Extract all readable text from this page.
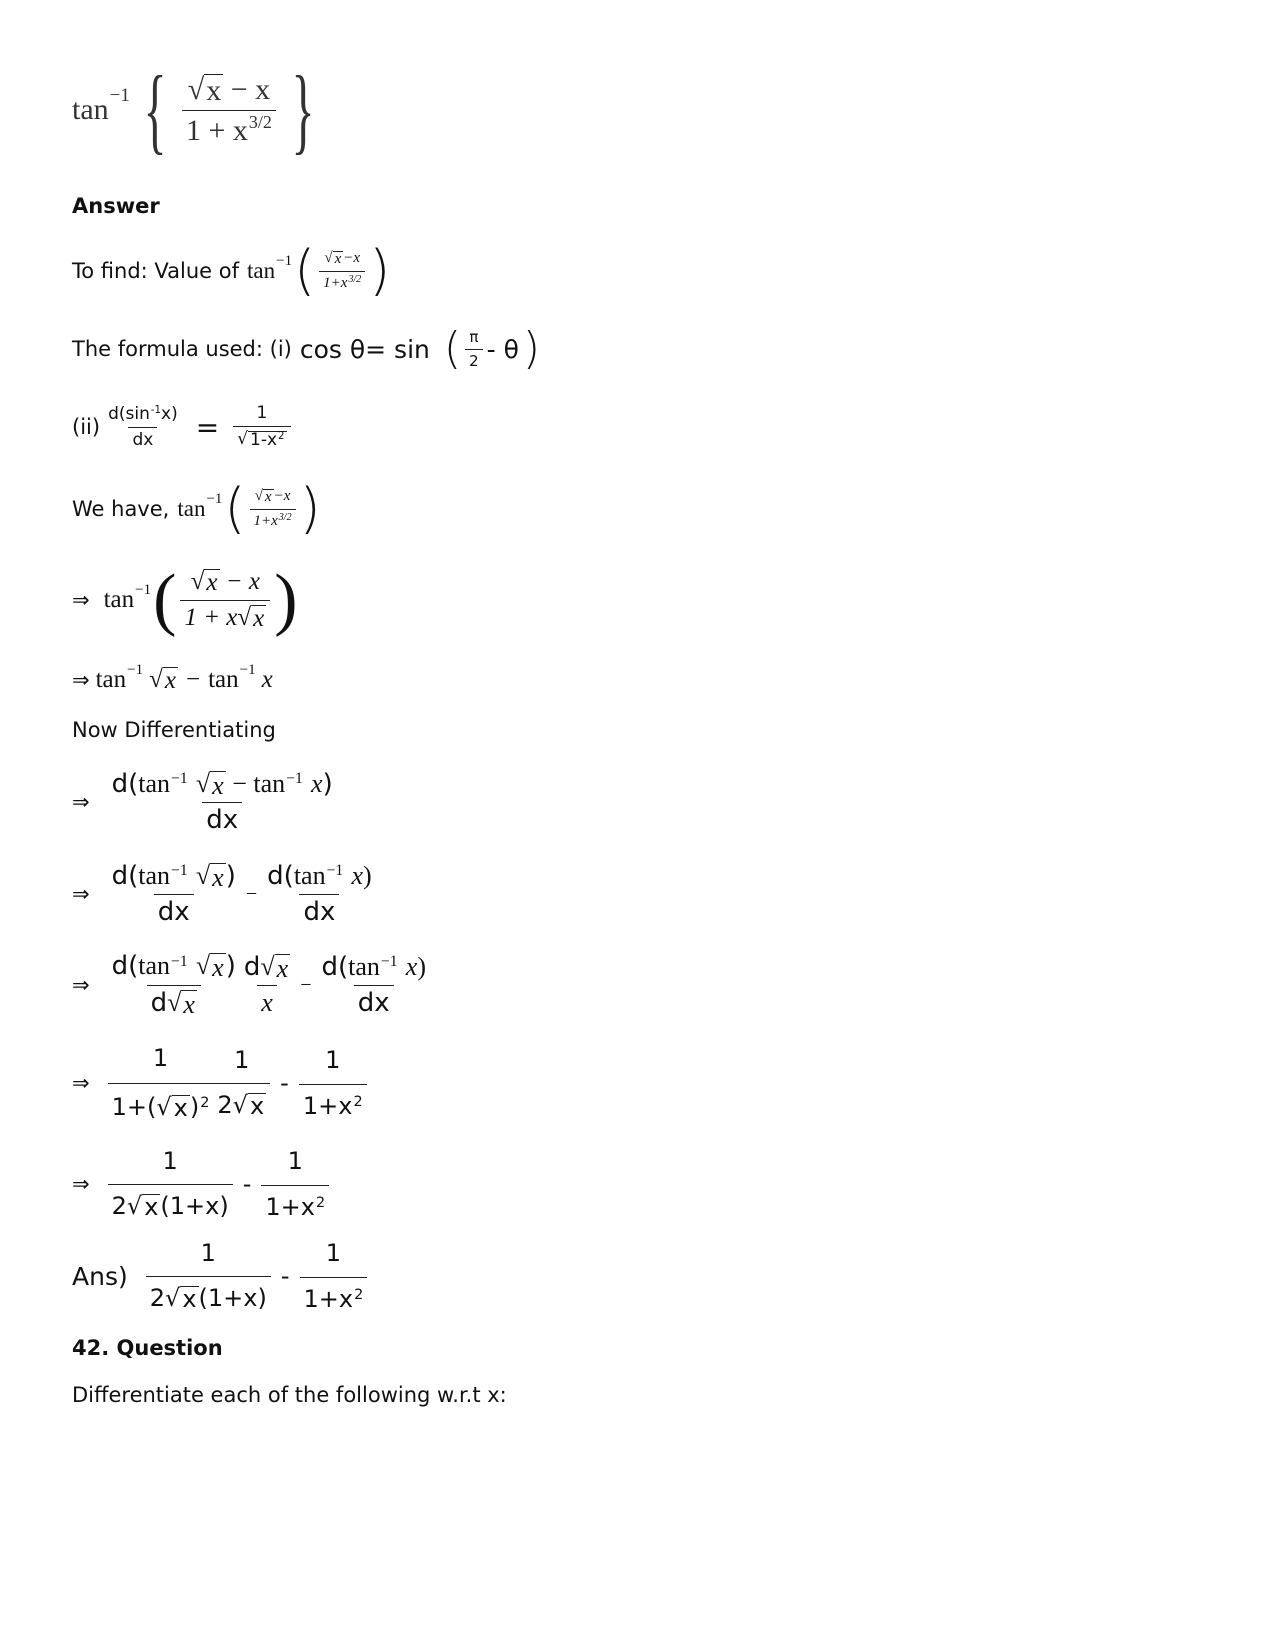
tan −1 { $\frac{√ x - x}{1 + x^{3/2}}$ }
Answer
To find: Value of tan −1 ( $\frac{√ x -x}{1+x^{3/2}}$ )
The formula used: (i) cos θ= sin ( $\frac{\pi}{2}$ - θ )
$(ii) \frac{d(\sin^{-1}x)}{dx} = \frac{1}{√ 1-x^2}$
We have, tan −1 ( $\frac{√ x -x}{1+x^{3/2}}$ )
⇒ tan −1 ( $\frac{√ x - x}{1 + x √ x}$ )
⇒ tan −1 √ x − tan −1 x
Now Differentiating
⇒ $\frac{d(\tan^{-1} √ x - \tan^{-1} x)}{dx}$
⇒ $\frac{d(\tan^{-1} √ x )}{dx} - \frac{d(\tan^{-1} x)}{dx}$
⇒ $\frac{d(\tan^{-1} √ x )}{d √ x} \frac{d √ x}{x} - \frac{d(\tan^{-1} x)}{dx}$
⇒ $\frac{1}{1+( √ x )^2} \frac{1}{2 √ x} - \frac{1}{1+x^2}$
⇒ $\frac{1}{2 √ x (1+x)} - \frac{1}{1+x^2}$
$Ans) \frac{1}{2 √ x (1+x)} - \frac{1}{1+x^2}$
42. Question
Differentiate each of the following w.r.t x:
